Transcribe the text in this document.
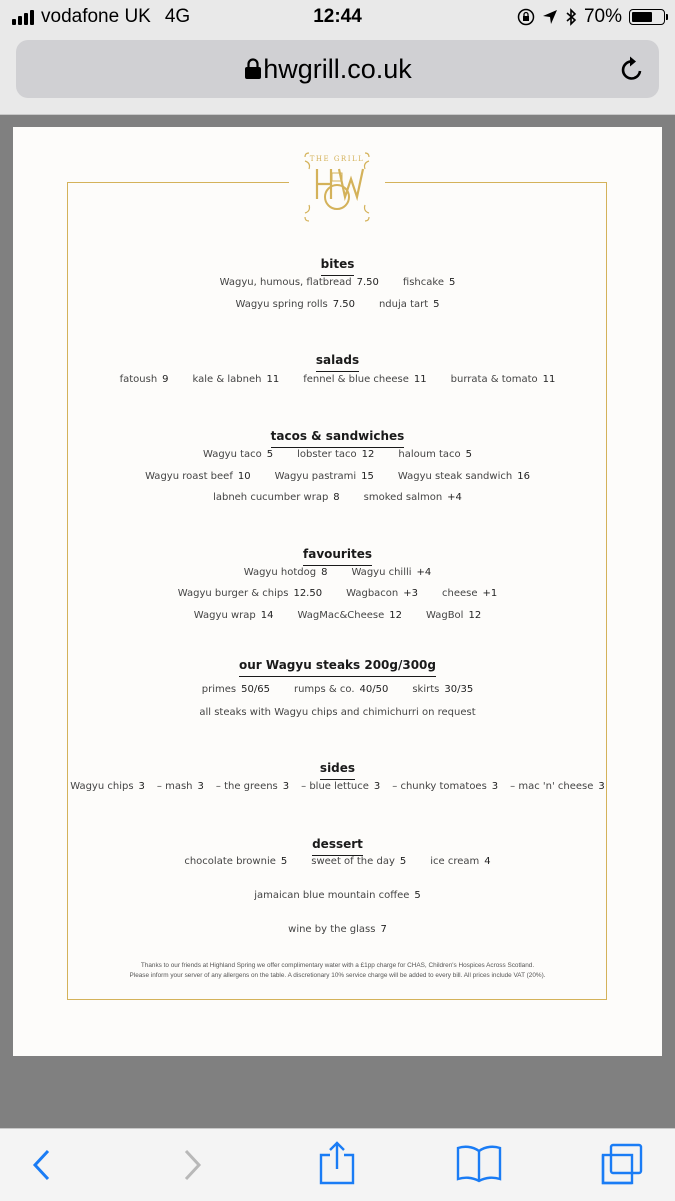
vodafone UK 4G	12:44	70%
hwgrill.co.uk
THE GRILL
bites
Wagyu, humous, flatbread 7.50 fishcake 5
Wagyu spring rolls 7.50 nduja tart 5
salads
fatoush 9 kale & labneh 11 fennel & blue cheese 11 burrata & tomato 11
tacos & sandwiches
Wagyu taco 5 lobster taco 12 haloum taco 5
Wagyu roast beef 10 Wagyu pastrami 15 Wagyu steak sandwich 16
labneh cucumber wrap 8 smoked salmon +4
favourites
Wagyu hotdog 8 Wagyu chilli +4
Wagyu burger & chips 12.50 Wagbacon +3 cheese +1
Wagyu wrap 14 WagMac&Cheese 12 WagBol 12
our Wagyu steaks 200g/300g
primes 50/65 rumps & co. 40/50 skirts 30/35
all steaks with Wagyu chips and chimichurri on request
sides
Wagyu chips 3 – mash 3 – the greens 3 – blue lettuce 3 – chunky tomatoes 3 – mac 'n' cheese 3
dessert
chocolate brownie 5 sweet of the day 5 ice cream 4
jamaican blue mountain coffee 5
wine by the glass 7
Thanks to our friends at Highland Spring we offer complimentary water with a £1pp charge for CHAS, Children's Hospices Across Scotland.
Please inform your server of any allergens on the table. A discretionary 10% service charge will be added to every bill. All prices include VAT (20%).
